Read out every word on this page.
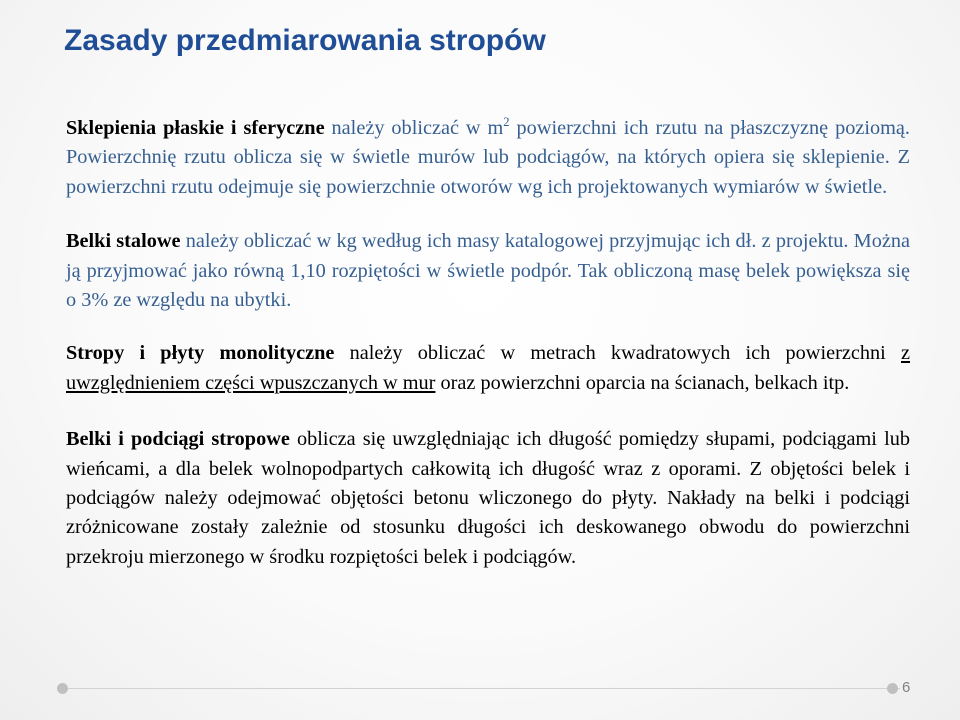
Zasady przedmiarowania stropów

Sklepienia płaskie i sferyczne należy obliczać w $m^2$ powierzchni ich rzutu na płaszczyznę poziomą. Powierzchnię rzutu oblicza się w świetle murów lub podciągów, na których opiera się sklepienie. Z powierzchni rzutu odejmuje się powierzchnie otworów wg ich projektowanych wymiarów w świetle.

Belki stalowe należy obliczać w kg według ich masy katalogowej przyjmując ich dł. z projektu. Można ją przyjmować jako równą 1,10 rozpiętości w świetle podpór. Tak obliczoną masę belek powiększa się o 3% ze względu na ubytki.

Stropy i płyty monolityczne należy obliczać w metrach kwadratowych ich powierzchni z uwzględnieniem części wpuszczanych w mur oraz powierzchni oparcia na ścianach, belkach itp.

Belki i podciągi stropowe oblicza się uwzględniając ich długość pomiędzy słupami, podciągami lub wieńcami, a dla belek wolnopodpartych całkowitą ich długość wraz z oporami. Z objętości belek i podciągów należy odejmować objętości betonu wliczonego do płyty. Nakłady na belki i podciągi zróżnicowane zostały zależnie od stosunku długości ich deskowanego obwodu do powierzchni przekroju mierzonego w środku rozpiętości belek i podciągów.

6
